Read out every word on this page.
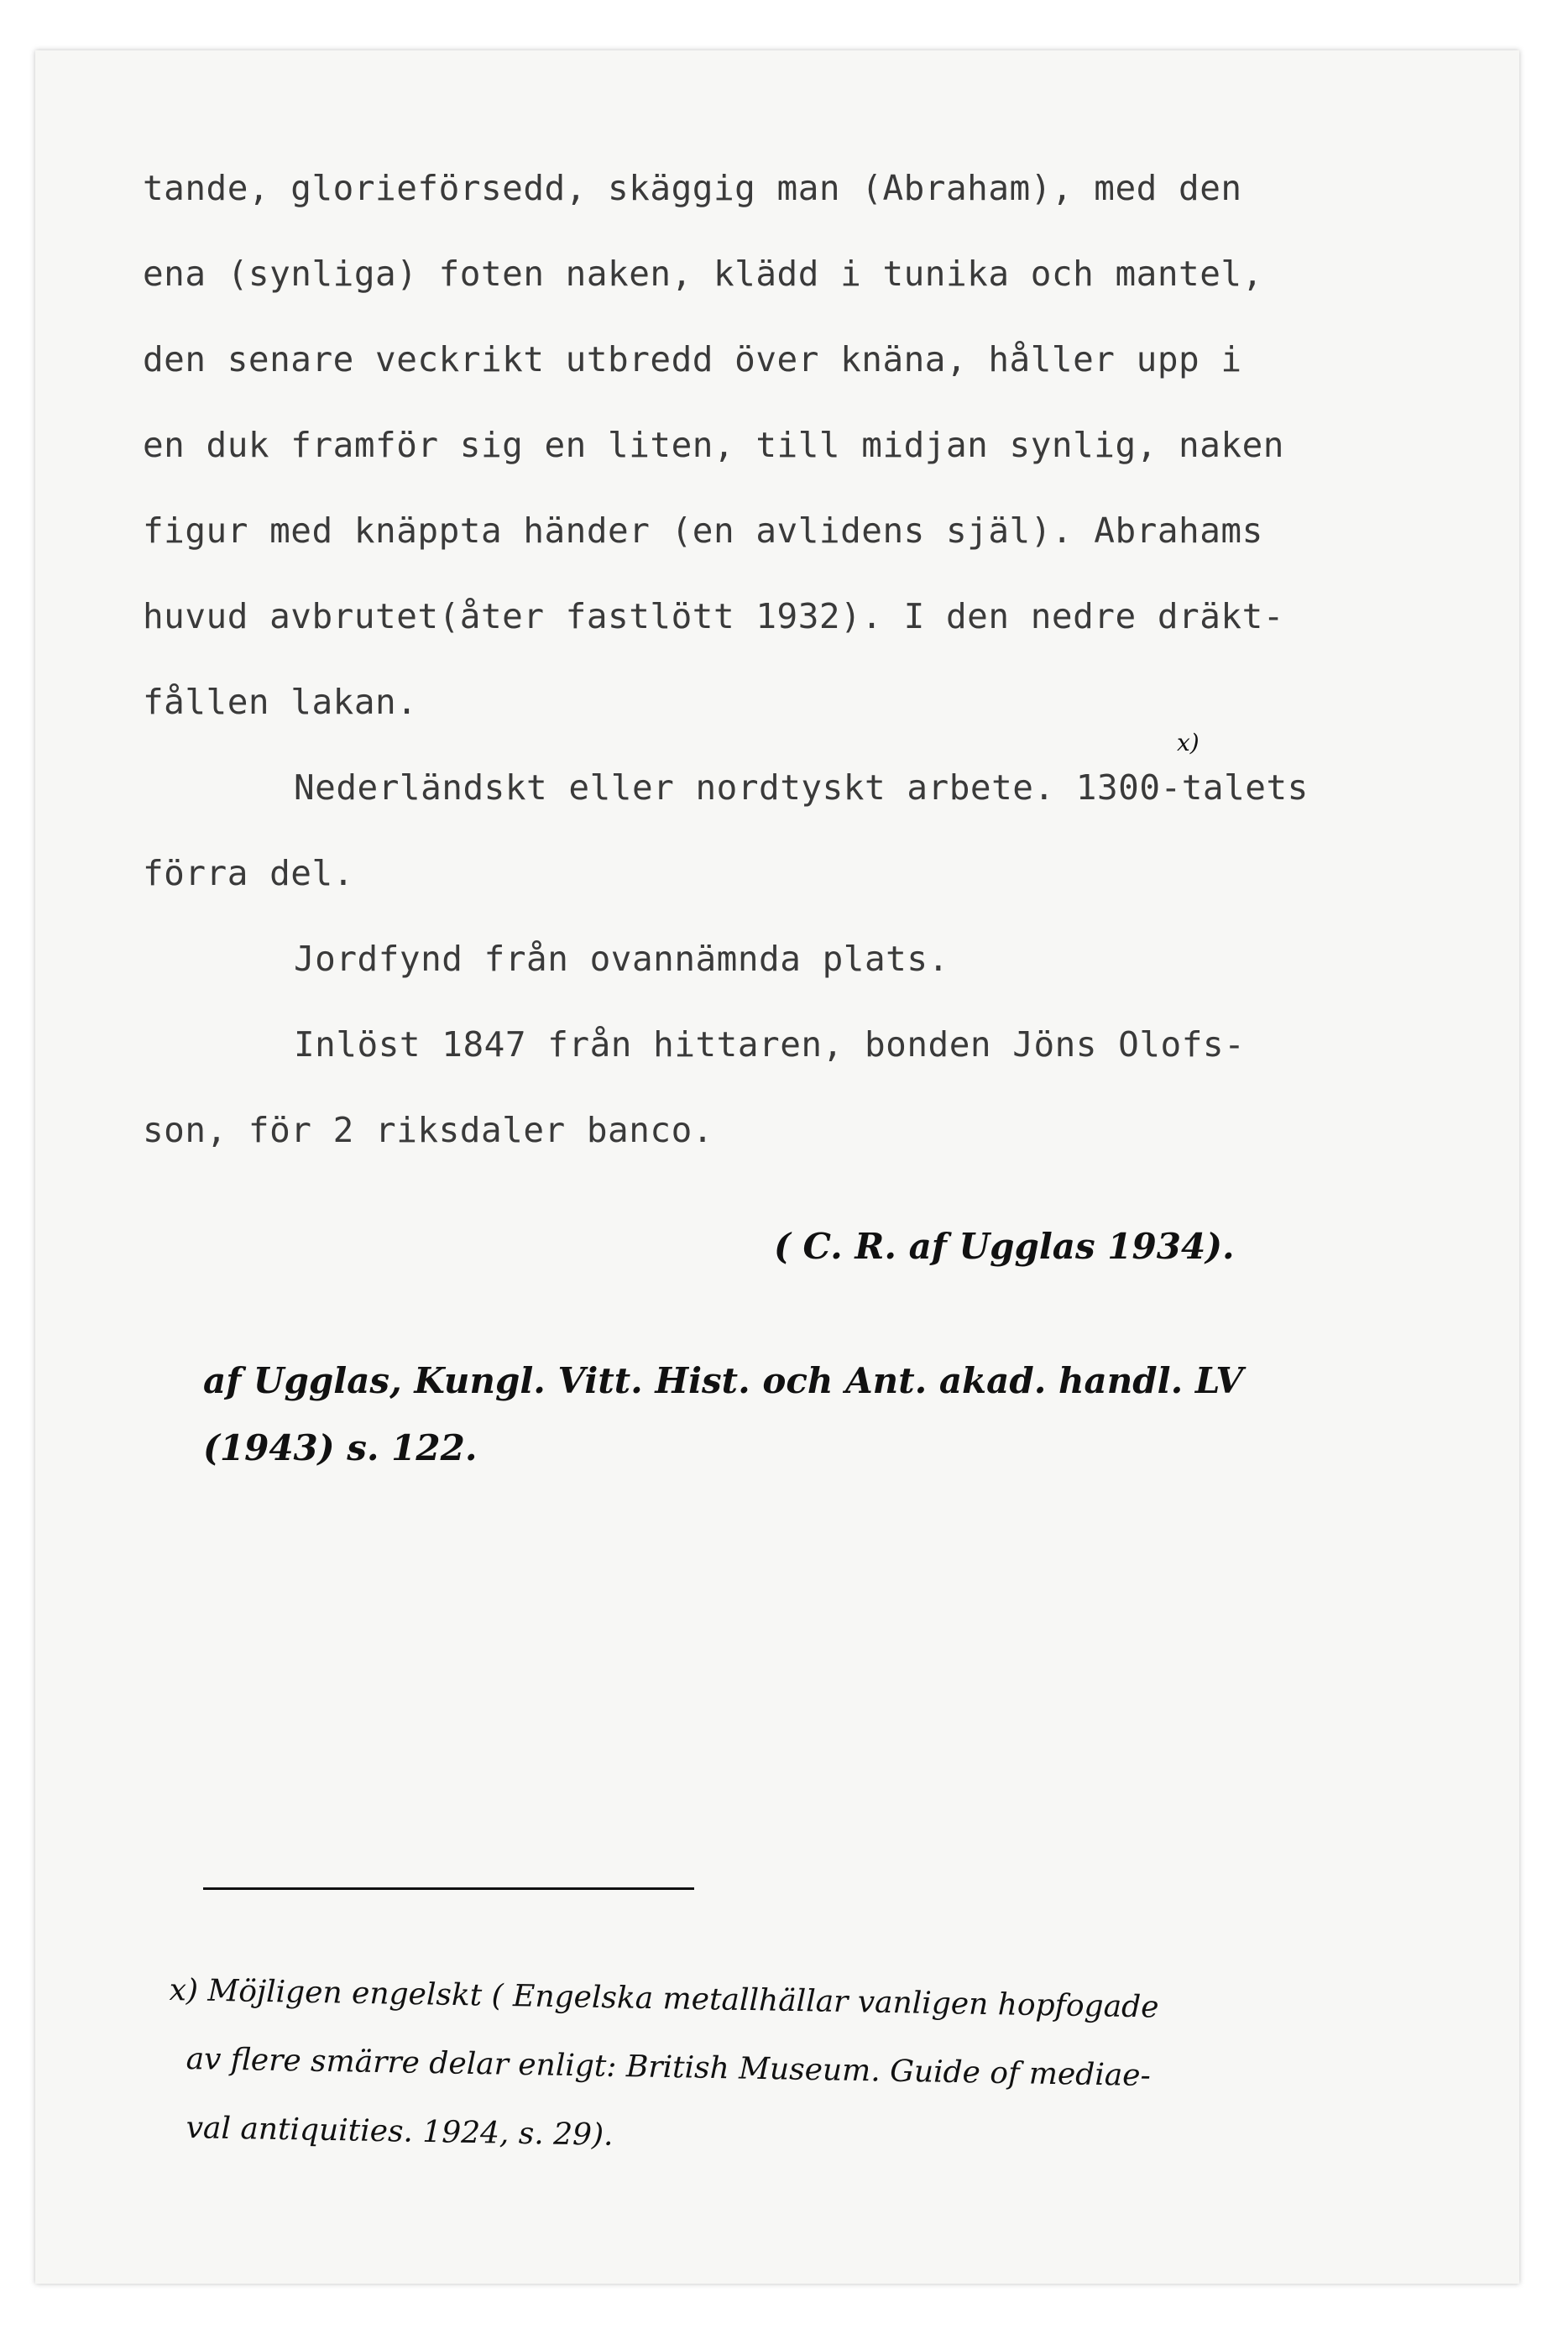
tande, glorieförsedd, skäggig man (Abraham), med den
ena (synliga) foten naken, klädd i tunika och mantel,
den senare veckrikt utbredd över knäna, håller upp i
en duk framför sig en liten, till midjan synlig, naken
figur med knäppta händer (en avlidens själ). Abrahams
huvud avbrutet(åter fastlött 1932). I den nedre dräkt-
fållen lakan.
x)
Nederländskt eller nordtyskt arbete. 1300-talets
förra del.
Jordfynd från ovannämnda plats.
Inlöst 1847 från hittaren, bonden Jöns Olofs-
son, för 2 riksdaler banco.
( C. R. af Ugglas 1934).
af Ugglas, Kungl. Vitt. Hist. och Ant. akad. handl. LV
(1943) s. 122.
x) Möjligen engelskt ( Engelska metallhällar vanligen hopfogade
av flere smärre delar enligt: British Museum. Guide of mediae-
val antiquities. 1924, s. 29).
